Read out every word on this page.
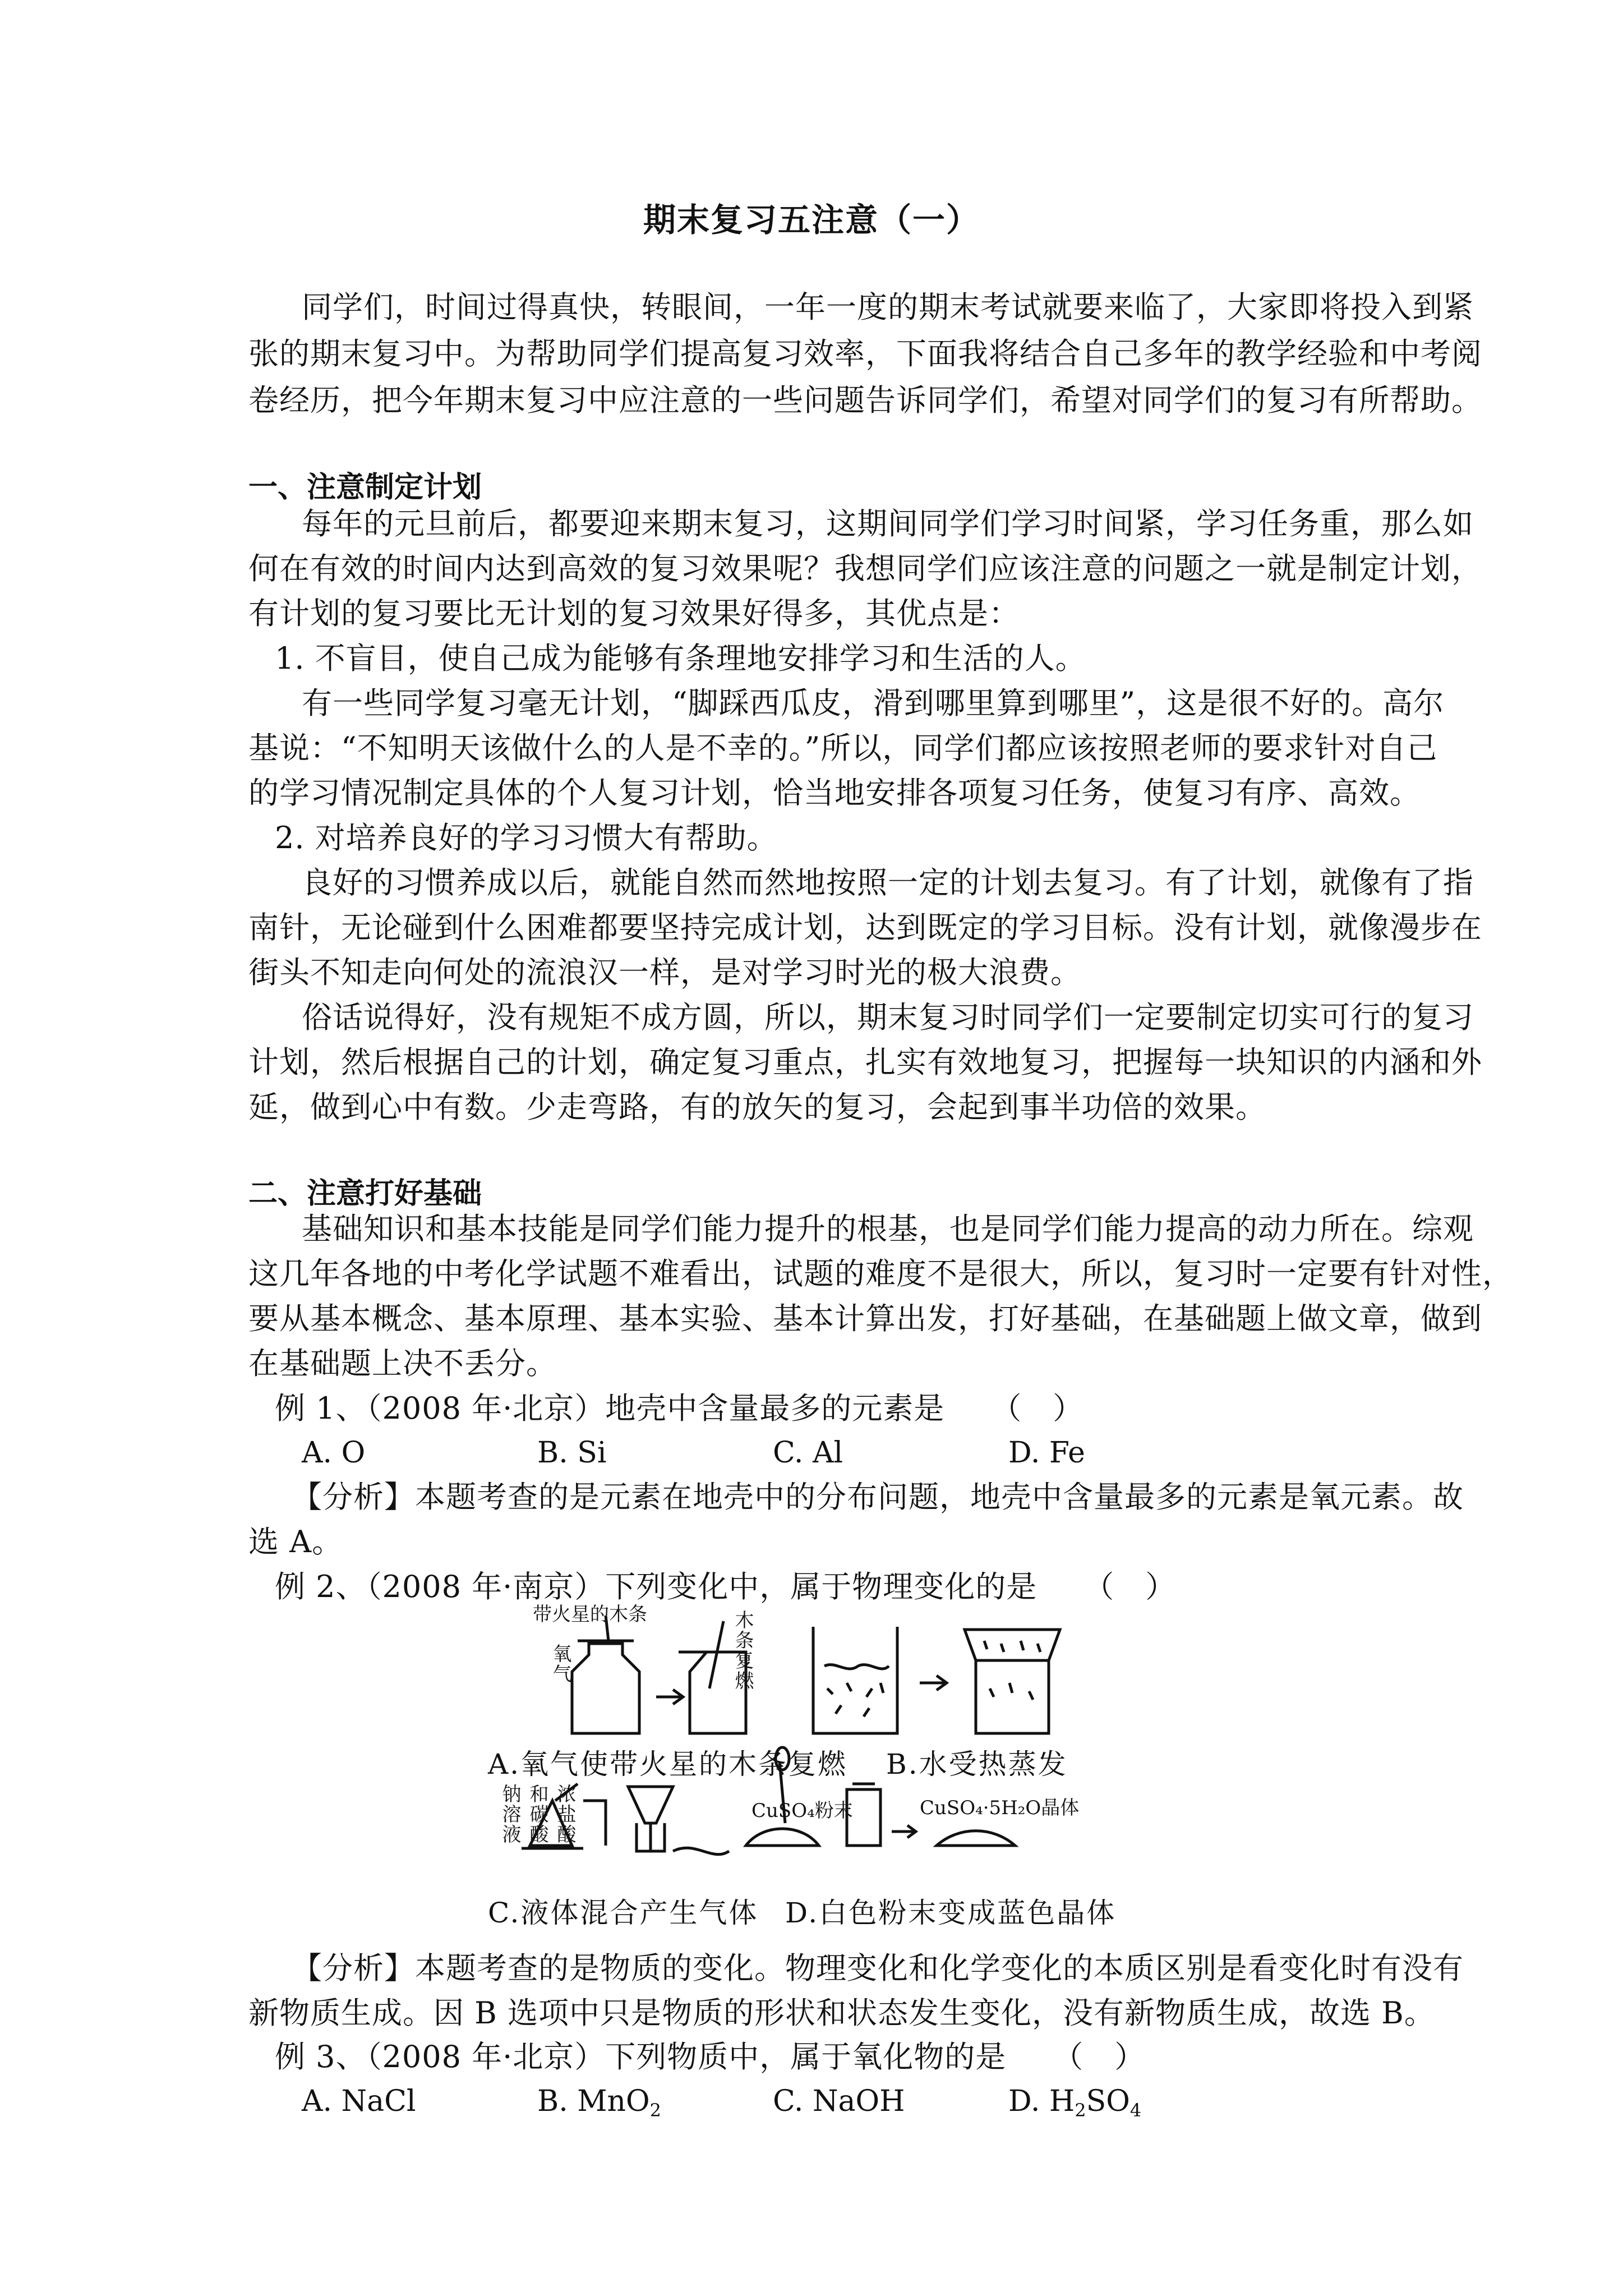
期末复习五注意（一）
同学们，时间过得真快，转眼间，一年一度的期末考试就要来临了，大家即将投入到紧
张的期末复习中。为帮助同学们提高复习效率，下面我将结合自己多年的教学经验和中考阅
卷经历，把今年期末复习中应注意的一些问题告诉同学们，希望对同学们的复习有所帮助。
一、注意制定计划
每年的元旦前后，都要迎来期末复习，这期间同学们学习时间紧，学习任务重，那么如
何在有效的时间内达到高效的复习效果呢？我想同学们应该注意的问题之一就是制定计划，
有计划的复习要比无计划的复习效果好得多，其优点是：
1. 不盲目，使自己成为能够有条理地安排学习和生活的人。
有一些同学复习毫无计划，“脚踩西瓜皮，滑到哪里算到哪里”，这是很不好的。高尔
基说：“不知明天该做什么的人是不幸的。”所以，同学们都应该按照老师的要求针对自己
的学习情况制定具体的个人复习计划，恰当地安排各项复习任务，使复习有序、高效。
2. 对培养良好的学习习惯大有帮助。
良好的习惯养成以后，就能自然而然地按照一定的计划去复习。有了计划，就像有了指
南针，无论碰到什么困难都要坚持完成计划，达到既定的学习目标。没有计划，就像漫步在
街头不知走向何处的流浪汉一样，是对学习时光的极大浪费。
俗话说得好，没有规矩不成方圆，所以，期末复习时同学们一定要制定切实可行的复习
计划，然后根据自己的计划，确定复习重点，扎实有效地复习，把握每一块知识的内涵和外
延，做到心中有数。少走弯路，有的放矢的复习，会起到事半功倍的效果。
二、注意打好基础
基础知识和基本技能是同学们能力提升的根基，也是同学们能力提高的动力所在。综观
这几年各地的中考化学试题不难看出，试题的难度不是很大，所以，复习时一定要有针对性，
要从基本概念、基本原理、基本实验、基本计算出发，打好基础，在基础题上做文章，做到
在基础题上决不丢分。
例 1、（2008 年·北京）地壳中含量最多的元素是　　（　）
A. O	B. Si	C. Al	D. Fe
【分析】本题考查的是元素在地壳中的分布问题，地壳中含量最多的元素是氧元素。故
选 A。
例 2、（2008 年·南京）下列变化中，属于物理变化的是　　（　）
带火星的木条
氧气	木条复燃
A.氧气使带火星的木条复燃 B.水受热蒸发
浓盐酸和碳酸钠溶液	CuSO₄粉末	CuSO₄·5H₂O晶体
C.液体混合产生气体 D.白色粉末变成蓝色晶体
【分析】本题考查的是物质的变化。物理变化和化学变化的本质区别是看变化时有没有
新物质生成。因 B 选项中只是物质的形状和状态发生变化，没有新物质生成，故选 B。
例 3、（2008 年·北京）下列物质中，属于氧化物的是　　（　）
A. NaCl	B. MnO$_2$	C. NaOH	D. $H_2SO_4$
